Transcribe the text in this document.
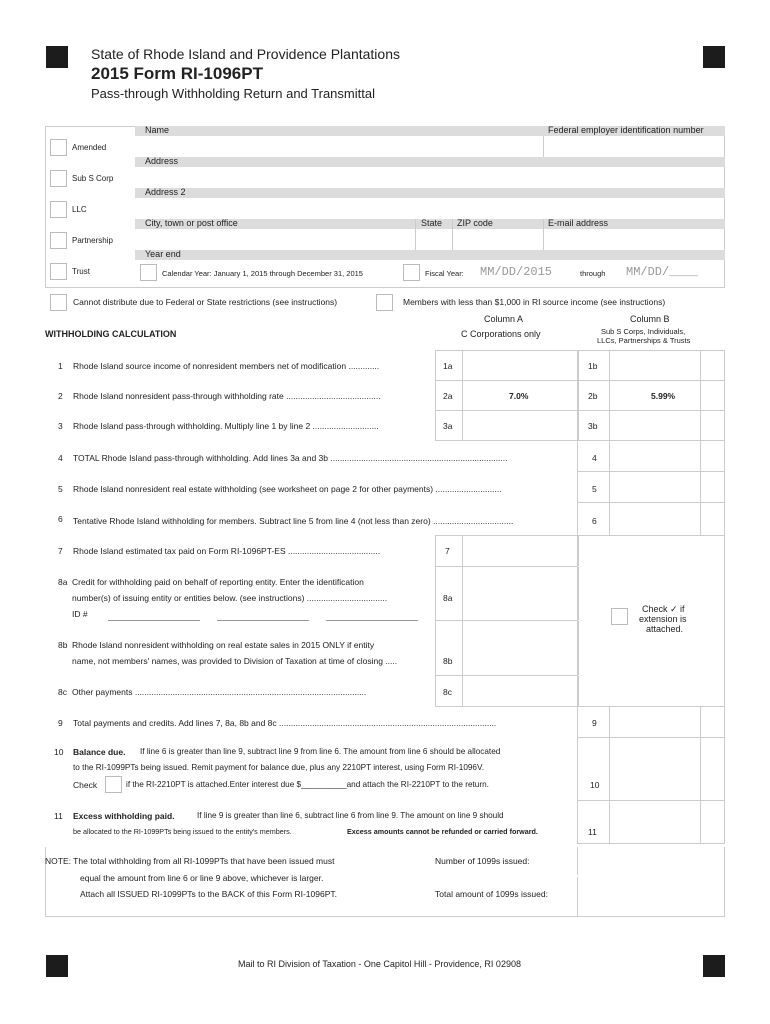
State of Rhode Island and Providence Plantations
2015 Form RI-1096PT
Pass-through Withholding Return and Transmittal
Amended
Sub S Corp
LLC
Partnership
Trust
Name	Federal employer identification number
Address
Address 2
City, town or post office	State ZIP code	E-mail address
Year end
Calendar Year: January 1, 2015 through December 31, 2015	Fiscal Year: MM/DD/2015	through MM/DD/____
Cannot distribute due to Federal or State restrictions (see instructions)	Members with less than $1,000 in RI source income (see instructions)
WITHHOLDING CALCULATION
Column A
C Corporations only
Column B
Sub S Corps, Individuals,
LLCs, Partnerships & Trusts
1 Rhode Island source income of nonresident members net of modification .............	1a	1b
2 Rhode Island nonresident pass-through withholding rate ........................................	2a	7.0%	2b	5.99%
3 Rhode Island pass-through withholding. Multiply line 1 by line 2 ............................	3a	3b
4 TOTAL Rhode Island pass-through withholding. Add lines 3a and 3b ...........................................................................	4
5 Rhode Island nonresident real estate withholding (see worksheet on page 2 for other payments) ............................	5
6 Tentative Rhode Island withholding for members. Subtract line 5 from line 4 (not less than zero) ..................................	6
7 Rhode Island estimated tax paid on Form RI-1096PT-ES .......................................	7
8a Credit for withholding paid on behalf of reporting entity. Enter the identification
number(s) of issuing entity or entities below. (see instructions) ..................................
ID #
8a
Check ✓ if
extension is
attached.
8b Rhode Island nonresident withholding on real estate sales in 2015 ONLY if entity
name, not members' names, was provided to Division of Taxation at time of closing .....	8b
8c Other payments ..................................................................................................	8c
9 Total payments and credits. Add lines 7, 8a, 8b and 8c ............................................................................................	9
10 Balance due. If line 6 is greater than line 9, subtract line 9 from line 6. The amount from line 6 should be allocated
to the RI-1099PTs being issued. Remit payment for balance due, plus any 2210PT interest, using Form RI-1096V.
Check	if the RI-2210PT is attached.Enter interest due $__________and attach the RI-2210PT to the return.	10
11 Excess withholding paid.	If line 9 is greater than line 6, subtract line 6 from line 9. The amount on line 9 should
be allocated to the RI-1099PTs being issued to the entity's members.	Excess amounts cannot be refunded or carried forward.	11
NOTE: The total withholding from all RI-1099PTs that have been issued must
equal the amount from line 6 or line 9 above, whichever is larger.
Attach all ISSUED RI-1099PTs to the BACK of this Form RI-1096PT.
Number of 1099s issued:
Total amount of 1099s issued:
Mail to RI Division of Taxation - One Capitol Hill - Providence, RI 02908
